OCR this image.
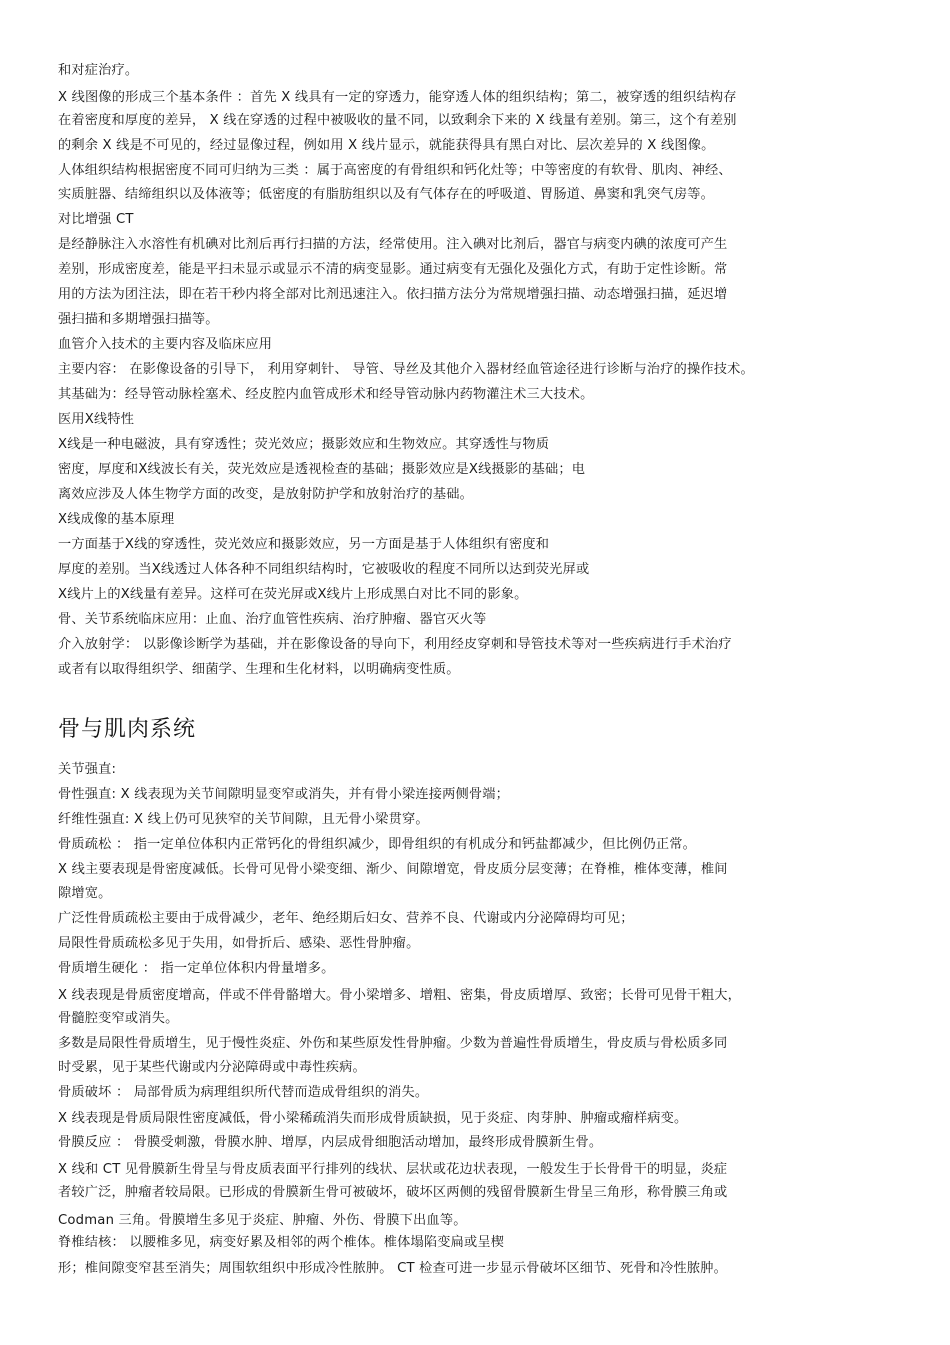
和对症治疗。
X 线图像的形成三个基本条件 ：首先 X 线具有一定的穿透力，能穿透人体的组织结构；第二，被穿透的组织结构存
在着密度和厚度的差异， X 线在穿透的过程中被吸收的量不同，以致剩余下来的 X 线量有差别。第三，这个有差别
的剩余 X 线是不可见的，经过显像过程，例如用 X 线片显示，就能获得具有黑白对比、层次差异的 X 线图像。
人体组织结构根据密度不同可归纳为三类 ：属于高密度的有骨组织和钙化灶等；中等密度的有软骨、肌肉、神经、
实质脏器、结缔组织以及体液等；低密度的有脂肪组织以及有气体存在的呼吸道、胃肠道、鼻窦和乳突气房等。
对比增强 CT
是经静脉注入水溶性有机碘对比剂后再行扫描的方法，经常使用。注入碘对比剂后，器官与病变内碘的浓度可产生
差别，形成密度差，能是平扫未显示或显示不清的病变显影。通过病变有无强化及强化方式，有助于定性诊断。常
用的方法为团注法，即在若干秒内将全部对比剂迅速注入。依扫描方法分为常规增强扫描、动态增强扫描，延迟增
强扫描和多期增强扫描等。
血管介入技术的主要内容及临床应用
主要内容： 在影像设备的引导下， 利用穿刺针、 导管、导丝及其他介入器材经血管途径进行诊断与治疗的操作技术。
其基础为：经导管动脉栓塞术、经皮腔内血管成形术和经导管动脉内药物灌注术三大技术。
医用X线特性
X线是一种电磁波，具有穿透性；荧光效应；摄影效应和生物效应。其穿透性与物质
密度，厚度和X线波长有关，荧光效应是透视检查的基础；摄影效应是X线摄影的基础；电
离效应涉及人体生物学方面的改变，是放射防护学和放射治疗的基础。
X线成像的基本原理
一方面基于X线的穿透性，荧光效应和摄影效应，另一方面是基于人体组织有密度和
厚度的差别。当X线透过人体各种不同组织结构时，它被吸收的程度不同所以达到荧光屏或
X线片上的X线量有差异。这样可在荧光屏或X线片上形成黑白对比不同的影象。
骨、关节系统临床应用：止血、治疗血管性疾病、治疗肿瘤、器官灭火等
介入放射学： 以影像诊断学为基础，并在影像设备的导向下，利用经皮穿刺和导管技术等对一些疾病进行手术治疗
或者有以取得组织学、细菌学、生理和生化材料，以明确病变性质。
骨与肌肉系统
关节强直:
骨性强直: X 线表现为关节间隙明显变窄或消失，并有骨小梁连接两侧骨端；
纤维性强直: X 线上仍可见狭窄的关节间隙，且无骨小梁贯穿。
骨质疏松 ： 指一定单位体积内正常钙化的骨组织减少，即骨组织的有机成分和钙盐都减少，但比例仍正常。
X 线主要表现是骨密度减低。长骨可见骨小梁变细、渐少、间隙增宽，骨皮质分层变薄；在脊椎，椎体变薄，椎间
隙增宽。
广泛性骨质疏松主要由于成骨减少，老年、绝经期后妇女、营养不良、代谢或内分泌障碍均可见；
局限性骨质疏松多见于失用，如骨折后、感染、恶性骨肿瘤。
骨质增生硬化 ： 指一定单位体积内骨量增多。
X 线表现是骨质密度增高，伴或不伴骨骼增大。骨小梁增多、增粗、密集，骨皮质增厚、致密；长骨可见骨干粗大，
骨髓腔变窄或消失。
多数是局限性骨质增生，见于慢性炎症、外伤和某些原发性骨肿瘤。少数为普遍性骨质增生，骨皮质与骨松质多同
时受累，见于某些代谢或内分泌障碍或中毒性疾病。
骨质破坏 ： 局部骨质为病理组织所代替而造成骨组织的消失。
X 线表现是骨质局限性密度减低，骨小梁稀疏消失而形成骨质缺损，见于炎症、肉芽肿、肿瘤或瘤样病变。
骨膜反应 ： 骨膜受刺激，骨膜水肿、增厚，内层成骨细胞活动增加，最终形成骨膜新生骨。
X 线和 CT 见骨膜新生骨呈与骨皮质表面平行排列的线状、层状或花边状表现，一般发生于长骨骨干的明显，炎症
者较广泛，肿瘤者较局限。已形成的骨膜新生骨可被破坏，破坏区两侧的残留骨膜新生骨呈三角形，称骨膜三角或
Codman 三角。骨膜增生多见于炎症、肿瘤、外伤、骨膜下出血等。
脊椎结核： 以腰椎多见，病变好累及相邻的两个椎体。椎体塌陷变扁或呈楔
形；椎间隙变窄甚至消失；周围软组织中形成冷性脓肿。 CT 检查可进一步显示骨破坏区细节、死骨和冷性脓肿。
